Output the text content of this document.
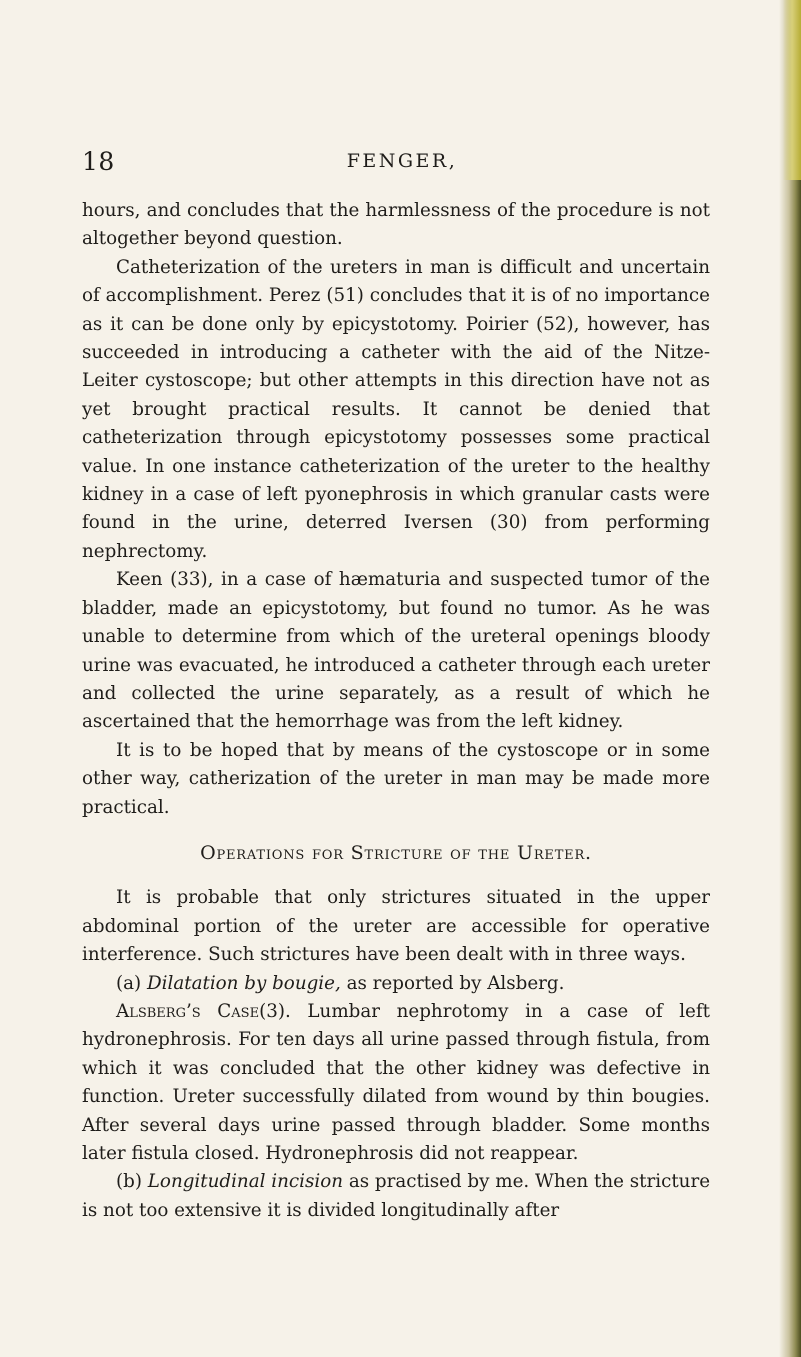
18	FENGER,

hours, and concludes that the harmlessness of the procedure is not altogether beyond question.

Catheterization of the ureters in man is difficult and uncertain of accomplishment. Perez (51) concludes that it is of no importance as it can be done only by epicystotomy. Poirier (52), however, has succeeded in introducing a catheter with the aid of the Nitze-Leiter cystoscope; but other attempts in this direction have not as yet brought practical results. It cannot be denied that catheterization through epicystotomy possesses some practical value. In one instance catheterization of the ureter to the healthy kidney in a case of left pyonephrosis in which granular casts were found in the urine, deterred Iversen (30) from performing nephrectomy.

Keen (33), in a case of hæmaturia and suspected tumor of the bladder, made an epicystotomy, but found no tumor. As he was unable to determine from which of the ureteral openings bloody urine was evacuated, he introduced a catheter through each ureter and collected the urine separately, as a result of which he ascertained that the hemorrhage was from the left kidney.

It is to be hoped that by means of the cystoscope or in some other way, catherization of the ureter in man may be made more practical.

Operations for Stricture of the Ureter.

It is probable that only strictures situated in the upper abdominal portion of the ureter are accessible for operative interference. Such strictures have been dealt with in three ways.

(a) Dilatation by bougie, as reported by Alsberg.

Alsberg’s Case(3). Lumbar nephrotomy in a case of left hydronephrosis. For ten days all urine passed through fistula, from which it was concluded that the other kidney was defective in function. Ureter successfully dilated from wound by thin bougies. After several days urine passed through bladder. Some months later fistula closed. Hydronephrosis did not reappear.

(b) Longitudinal incision as practised by me. When the stricture is not too extensive it is divided longitudinally after
